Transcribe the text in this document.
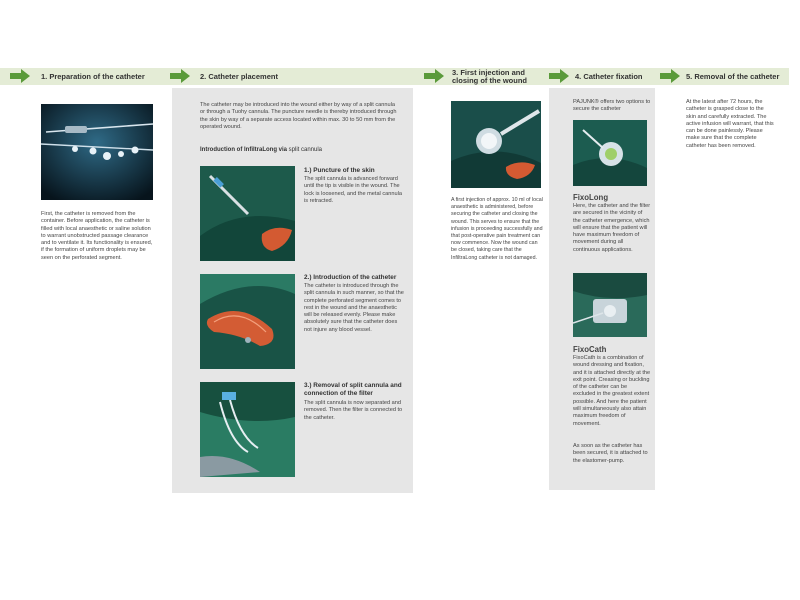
1. Preparation of the catheter	2. Catheter placement	3. First injection and closing of the wound	4. Catheter fixation	5. Removal of the catheter
First, the catheter is removed from the container. Before application, the catheter is filled with local anaesthetic or saline solution to warrant unobstructed passage clearance and to ventilate it. Its functionality is ensured, if the formation of uniform droplets may be seen on the perforated segment.
The catheter may be introduced into the wound either by way of a split cannula or through a Tuohy cannula. The puncture needle is thereby introduced through the skin by way of a separate access located within max. 30 to 50 mm from the operated wound.
Introduction of InfiltraLong via split cannula
1.) Puncture of the skin
The split cannula is advanced forward until the tip is visible in the wound. The lock is loosened, and the metal cannula is retracted.
2.) Introduction of the catheter
The catheter is introduced through the split cannula in such manner, so that the complete perforated segment comes to rest in the wound and the anaesthetic will be released evenly. Please make absolutely sure that the catheter does not injure any blood vessel.
3.) Removal of split cannula and connection of the filter
The split cannula is now separated and removed. Then the filter is connected to the catheter.
A first injection of approx. 10 ml of local anaesthetic is administered, before securing the catheter and closing the wound. This serves to ensure that the infusion is proceeding successfully and that post-operative pain treatment can now commence. Now the wound can be closed, taking care that the InfiltraLong catheter is not damaged.
PAJUNK® offers two options to secure the catheter
FixoLong
Here, the catheter and the filter are secured in the vicinity of the catheter emergence, which will ensure that the patient will have maximum freedom of movement during all continuous applications.
FixoCath
FixoCath is a combination of wound dressing and fixation, and it is attached directly at the exit point. Creasing or buckling of the catheter can be excluded in the greatest extent possible. And here the patient will simultaneously also attain maximum freedom of movement.
As soon as the catheter has been secured, it is attached to the elastomer-pump.
At the latest after 72 hours, the catheter is grasped close to the skin and carefully extracted. The active infusion will warrant, that this can be done painlessly. Please make sure that the complete catheter has been removed.
